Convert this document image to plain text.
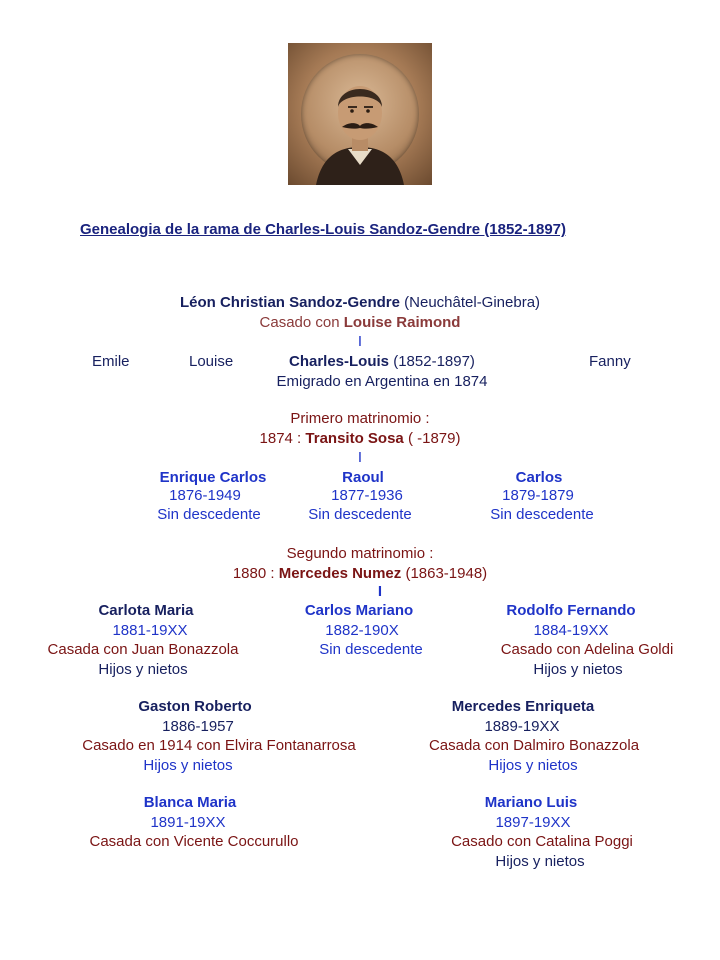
Genealogia de la rama de Charles-Louis Sandoz-Gendre (1852-1897)
Léon Christian Sandoz-Gendre (Neuchâtel-Ginebra)
Casado con Louise Raimond
I
Emile	Louise	Charles-Louis (1852-1897)	Fanny
Emigrado en Argentina en 1874
Primero matrinomio :
1874 : Transito Sosa ( -1879)
I
Enrique Carlos
1876-1949
Sin descedente
Raoul
1877-1936
Sin descedente
Carlos
1879-1879
Sin descedente
Segundo matrinomio :
1880 : Mercedes Numez (1863-1948)
I
Carlota Maria
1881-19XX
Casada con Juan Bonazzola
Hijos y nietos
Carlos Mariano
1882-190X
Sin descedente
Rodolfo Fernando
1884-19XX
Casado con Adelina Goldi
Hijos y nietos
Gaston Roberto
1886-1957
Casado en 1914 con Elvira Fontanarrosa
Hijos y nietos
Mercedes Enriqueta
1889-19XX
Casada con Dalmiro Bonazzola
Hijos y nietos
Blanca Maria
1891-19XX
Casada con Vicente Coccurullo
Mariano Luis
1897-19XX
Casado con Catalina Poggi
Hijos y nietos
